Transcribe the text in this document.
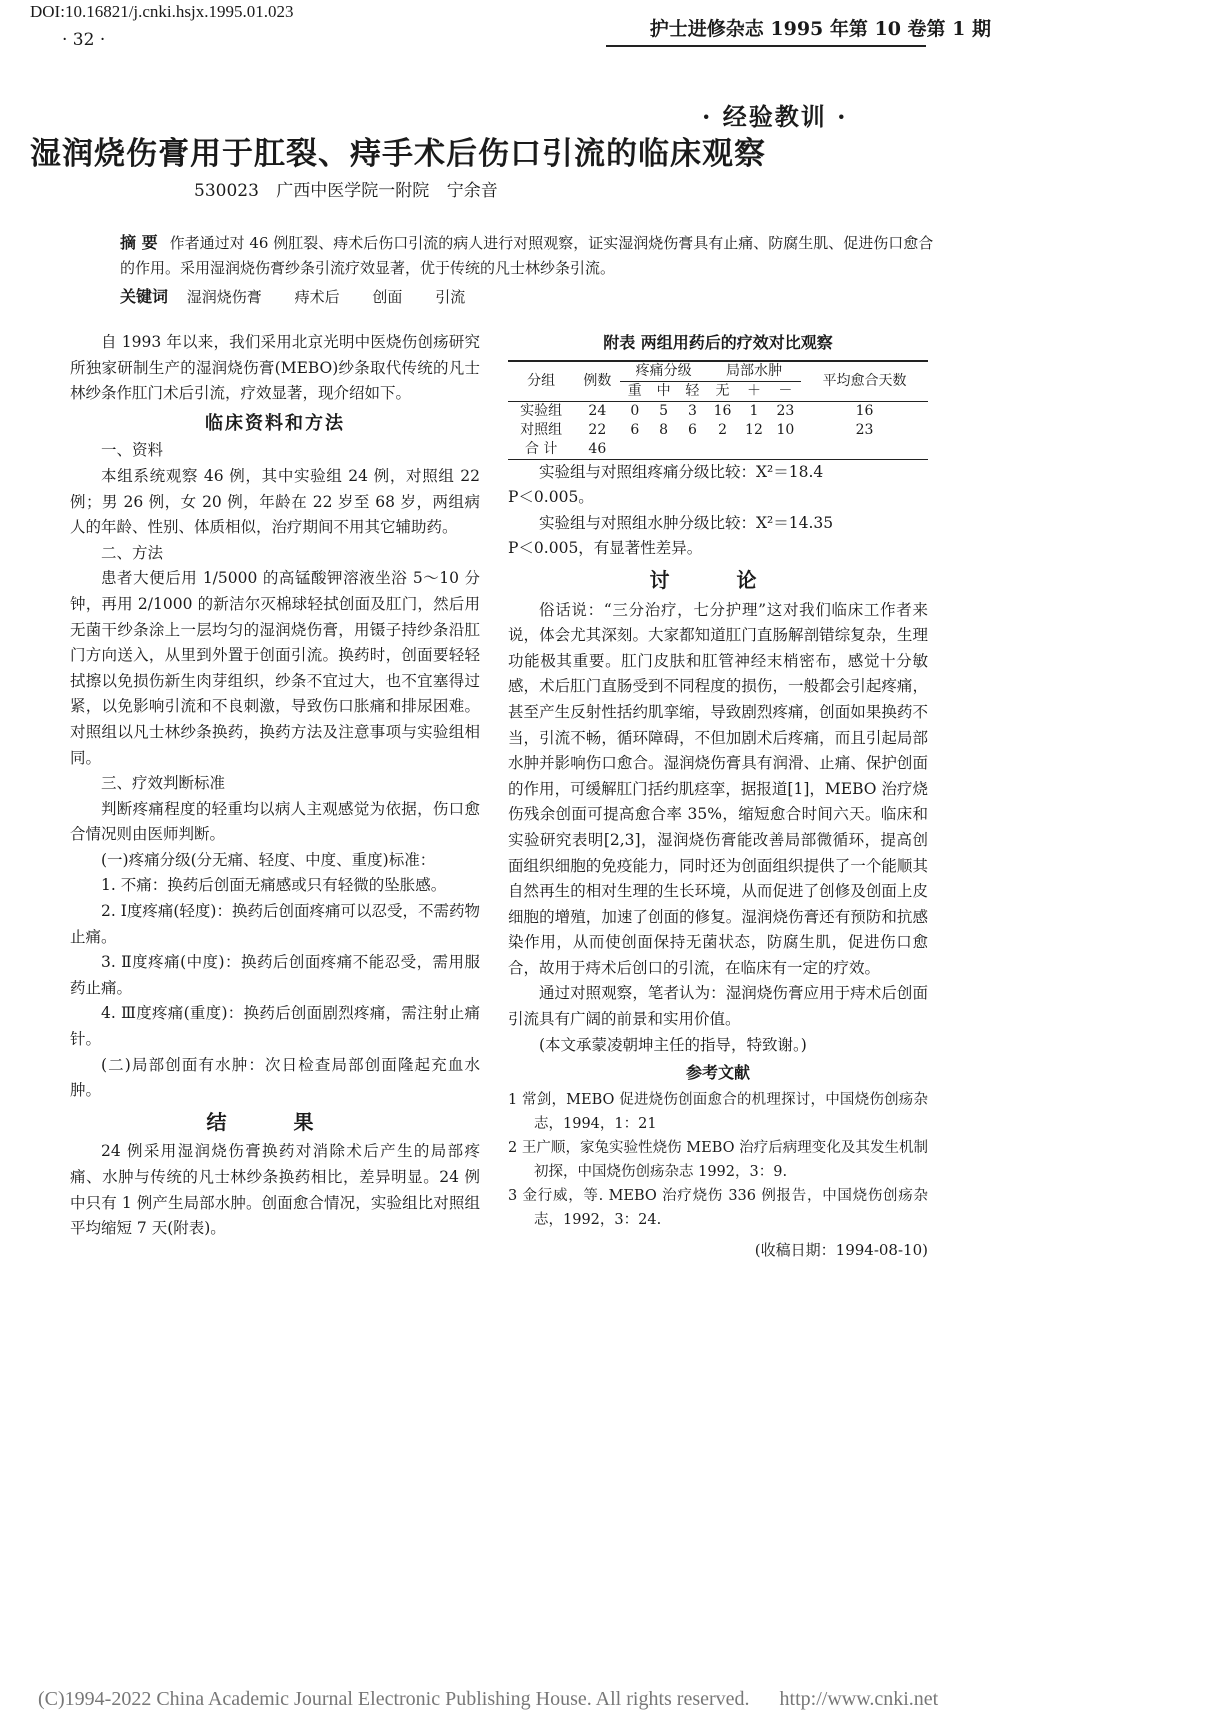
DOI:10.16821/j.cnki.hsjx.1995.01.023
· 32 ·	护士进修杂志 1995 年第 10 卷第 1 期
· 经验教训 ·
湿润烧伤膏用于肛裂、痔手术后伤口引流的临床观察
530023 广西中医学院一附院 宁余音
摘 要 作者通过对 46 例肛裂、痔术后伤口引流的病人进行对照观察，证实湿润烧伤膏具有止痛、防腐生肌、促进伤口愈合的作用。采用湿润烧伤膏纱条引流疗效显著，优于传统的凡士林纱条引流。
关键词 湿润烧伤膏 痔术后 创面 引流

自 1993 年以来，我们采用北京光明中医烧伤创疡研究所独家研制生产的湿润烧伤膏(MEBO)纱条取代传统的凡士林纱条作肛门术后引流，疗效显著，现介绍如下。

临床资料和方法

一、资料

本组系统观察 46 例，其中实验组 24 例，对照组 22 例；男 26 例，女 20 例，年龄在 22 岁至 68 岁，两组病人的年龄、性别、体质相似，治疗期间不用其它辅助药。

二、方法

患者大便后用 1/5000 的高锰酸钾溶液坐浴 5～10 分钟，再用 2/1000 的新洁尔灭棉球轻拭创面及肛门，然后用无菌干纱条涂上一层均匀的湿润烧伤膏，用镊子持纱条沿肛门方向送入，从里到外置于创面引流。换药时，创面要轻轻拭擦以免损伤新生肉芽组织，纱条不宜过大，也不宜塞得过紧，以免影响引流和不良刺激，导致伤口胀痛和排尿困难。对照组以凡士林纱条换药，换药方法及注意事项与实验组相同。

三、疗效判断标准

判断疼痛程度的轻重均以病人主观感觉为依据，伤口愈合情况则由医师判断。

(一)疼痛分级(分无痛、轻度、中度、重度)标准：

1. 不痛：换药后创面无痛感或只有轻微的坠胀感。

2. Ⅰ度疼痛(轻度)：换药后创面疼痛可以忍受，不需药物止痛。

3. Ⅱ度疼痛(中度)：换药后创面疼痛不能忍受，需用服药止痛。

4. Ⅲ度疼痛(重度)：换药后创面剧烈疼痛，需注射止痛针。

(二)局部创面有水肿：次日检查局部创面隆起充血水肿。

结 果

24 例采用湿润烧伤膏换药对消除术后产生的局部疼痛、水肿与传统的凡士林纱条换药相比，差异明显。24 例中只有 1 例产生局部水肿。创面愈合情况，实验组比对照组平均缩短 7 天(附表)。

附表 两组用药后的疗效对比观察
分组	例数	疼痛分级			局部水肿			平均愈合天数
		重	中	轻	无	＋	－	
实验组	24	0	5	3	16	1	23	16
对照组	22	6	8	6	2	12	10	23
合 计	46							

实验组与对照组疼痛分级比较：X²＝18.4

P＜0.005。

实验组与对照组水肿分级比较：X²＝14.35

P＜0.005，有显著性差异。

讨 论

俗话说：“三分治疗，七分护理”这对我们临床工作者来说，体会尤其深刻。大家都知道肛门直肠解剖错综复杂，生理功能极其重要。肛门皮肤和肛管神经末梢密布，感觉十分敏感，术后肛门直肠受到不同程度的损伤，一般都会引起疼痛，甚至产生反射性括约肌挛缩，导致剧烈疼痛，创面如果换药不当，引流不畅，循环障碍，不但加剧术后疼痛，而且引起局部水肿并影响伤口愈合。湿润烧伤膏具有润滑、止痛、保护创面的作用，可缓解肛门括约肌痉挛，据报道[1]，MEBO 治疗烧伤残余创面可提高愈合率 35%，缩短愈合时间六天。临床和实验研究表明[2,3]，湿润烧伤膏能改善局部微循环，提高创面组织细胞的免疫能力，同时还为创面组织提供了一个能顺其自然再生的相对生理的生长环境，从而促进了创修及创面上皮细胞的增殖，加速了创面的修复。湿润烧伤膏还有预防和抗感染作用，从而使创面保持无菌状态，防腐生肌，促进伤口愈合，故用于痔术后创口的引流，在临床有一定的疗效。

通过对照观察，笔者认为：湿润烧伤膏应用于痔术后创面引流具有广阔的前景和实用价值。

(本文承蒙凌朝坤主任的指导，特致谢。)

参考文献

1 常剑，MEBO 促进烧伤创面愈合的机理探讨，中国烧伤创疡杂志，1994，1：21

2 王广顺，家兔实验性烧伤 MEBO 治疗后病理变化及其发生机制初探，中国烧伤创疡杂志 1992，3：9.

3 金行威，等. MEBO 治疗烧伤 336 例报告，中国烧伤创疡杂志，1992，3：24.

(收稿日期：1994-08-10)
(C)1994-2022 China Academic Journal Electronic Publishing House. All rights reserved. http://www.cnki.net
